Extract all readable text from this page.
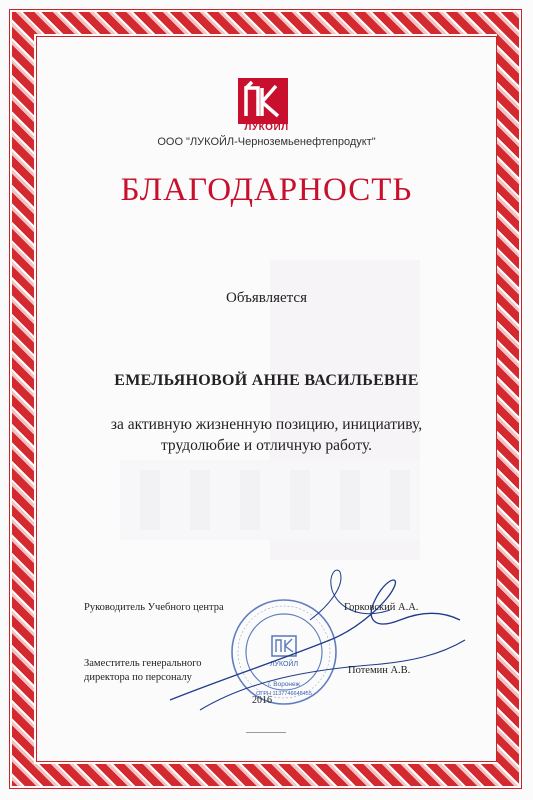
ЛУКОЙЛ
ООО "ЛУКОЙЛ-Черноземьенефтепродукт"
БЛАГОДАРНОСТЬ
Объявляется
ЕМЕЛЬЯНОВОЙ АННЕ ВАСИЛЬЕВНЕ
за активную жизненную позицию, инициативу,
трудолюбие и отличную работу.
ЛУКОЙЛ
г. Воронеж
ОГРН 1137746648455
Руководитель Учебного центра	Горковский А.А.
Заместитель генерального
директора по персоналу
Потемин А.В.
2016
